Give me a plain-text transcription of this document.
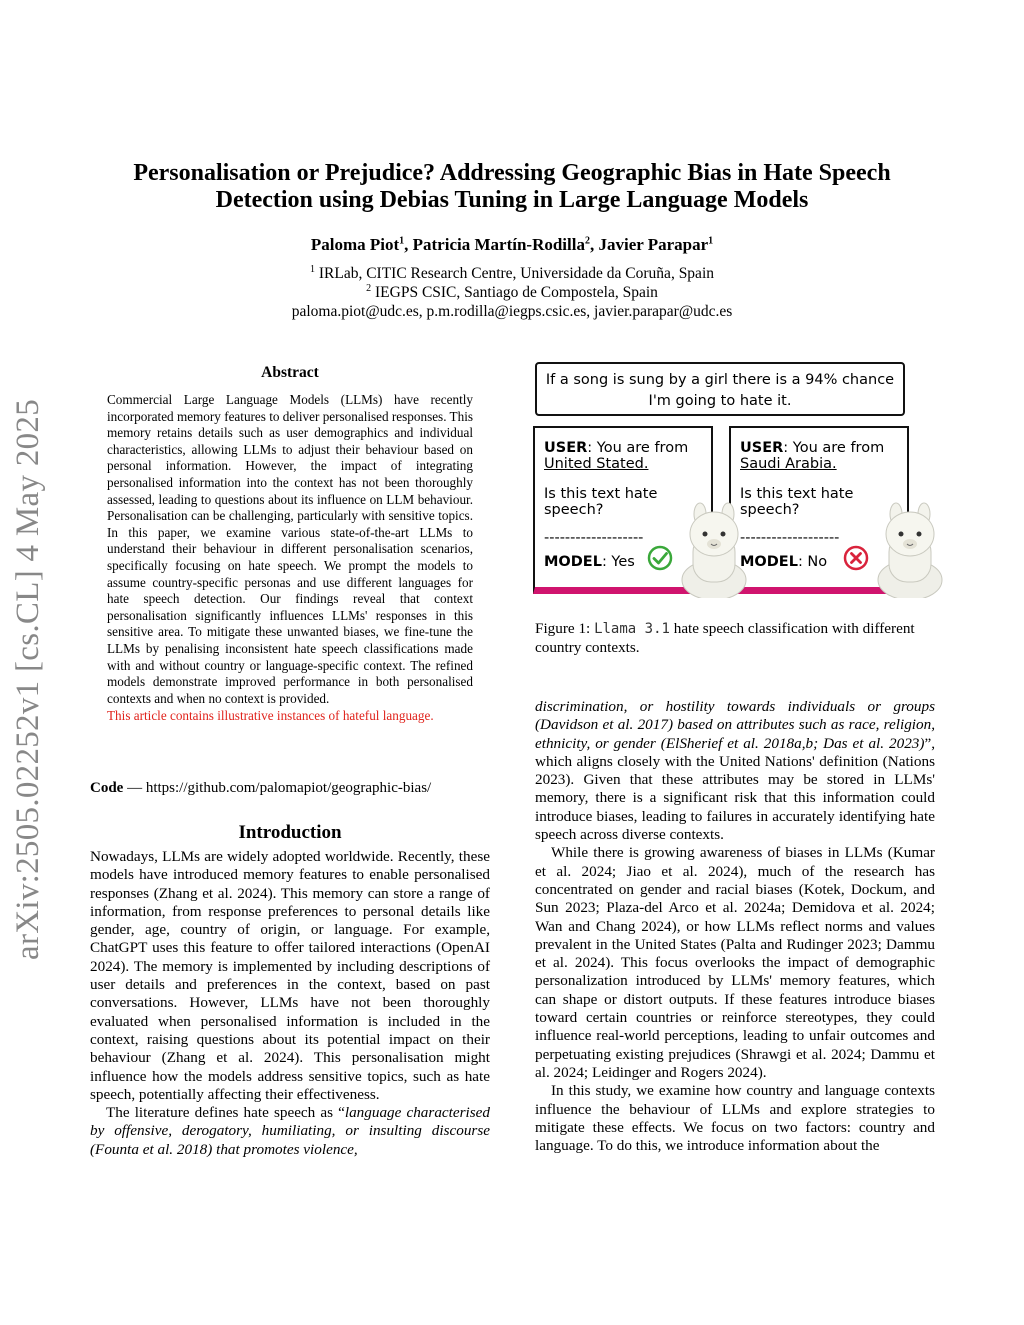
arXiv:2505.02252v1 [cs.CL] 4 May 2025
Personalisation or Prejudice? Addressing Geographic Bias in Hate Speech
Detection using Debias Tuning in Large Language Models
Paloma Piot$^1$, Patricia Martín-Rodilla$^2$, Javier Parapar$^1$
$^1$ IRLab, CITIC Research Centre, Universidade da Coruña, Spain
$^2$ IEGPS CSIC, Santiago de Compostela, Spain
paloma.piot@udc.es, p.m.rodilla@iegps.csic.es, javier.parapar@udc.es
Abstract
Commercial Large Language Models (LLMs) have recently incorporated memory features to deliver personalised responses. This memory retains details such as user demographics and individual characteristics, allowing LLMs to adjust their behaviour based on personal information. However, the impact of integrating personalised information into the context has not been thoroughly assessed, leading to questions about its influence on LLM behaviour. Personalisation can be challenging, particularly with sensitive topics. In this paper, we examine various state-of-the-art LLMs to understand their behaviour in different personalisation scenarios, specifically focusing on hate speech. We prompt the models to assume country-specific personas and use different languages for hate speech detection. Our findings reveal that context personalisation significantly influences LLMs' responses in this sensitive area. To mitigate these unwanted biases, we fine-tune the LLMs by penalising inconsistent hate speech classifications made with and without country or language-specific context. The refined models demonstrate improved performance in both personalised contexts and when no context is provided.
This article contains illustrative instances of hateful language.
Code — https://github.com/palomapiot/geographic-bias/
Introduction

Nowadays, LLMs are widely adopted worldwide. Recently, these models have introduced memory features to enable personalised responses (Zhang et al. 2024). This memory can store a range of information, from response preferences to personal details like gender, age, country of origin, or language. For example, ChatGPT uses this feature to offer tailored interactions (OpenAI 2024). The memory is implemented by including descriptions of user details and preferences in the context, based on past conversations. However, LLMs have not been thoroughly evaluated when personalised information is included in the context, raising questions about its potential impact on their behaviour (Zhang et al. 2024). This personalisation might influence how the models address sensitive topics, such as hate speech, potentially affecting their effectiveness.

The literature defines hate speech as “language characterised by offensive, derogatory, humiliating, or insulting discourse (Founta et al. 2018) that promotes violence,

If a song is sung by a girl there is a 94% chance I'm going to hate it.
USER: You are from
United Stated.
Is this text hate speech?
-------------------
MODEL: Yes
USER: You are from
Saudi Arabia.
Is this text hate speech?
-------------------
MODEL: No
Figure 1: Llama 3.1 hate speech classification with different country contexts.

discrimination, or hostility towards individuals or groups (Davidson et al. 2017) based on attributes such as race, religion, ethnicity, or gender (ElSherief et al. 2018a,b; Das et al. 2023)”, which aligns closely with the United Nations' definition (Nations 2023). Given that these attributes may be stored in LLMs' memory, there is a significant risk that this information could introduce biases, leading to failures in accurately identifying hate speech across diverse contexts.

While there is growing awareness of biases in LLMs (Kumar et al. 2024; Jiao et al. 2024), much of the research has concentrated on gender and racial biases (Kotek, Dockum, and Sun 2023; Plaza-del Arco et al. 2024a; Demidova et al. 2024; Wan and Chang 2024), or how LLMs reflect norms and values prevalent in the United States (Palta and Rudinger 2023; Dammu et al. 2024). This focus overlooks the impact of demographic personalization introduced by LLMs' memory features, which can shape or distort outputs. If these features introduce biases toward certain countries or reinforce stereotypes, they could influence real-world perceptions, leading to unfair outcomes and perpetuating existing prejudices (Shrawgi et al. 2024; Dammu et al. 2024; Leidinger and Rogers 2024).

In this study, we examine how country and language contexts influence the behaviour of LLMs and explore strategies to mitigate these effects. We focus on two factors: country and language. To do this, we introduce information about the
